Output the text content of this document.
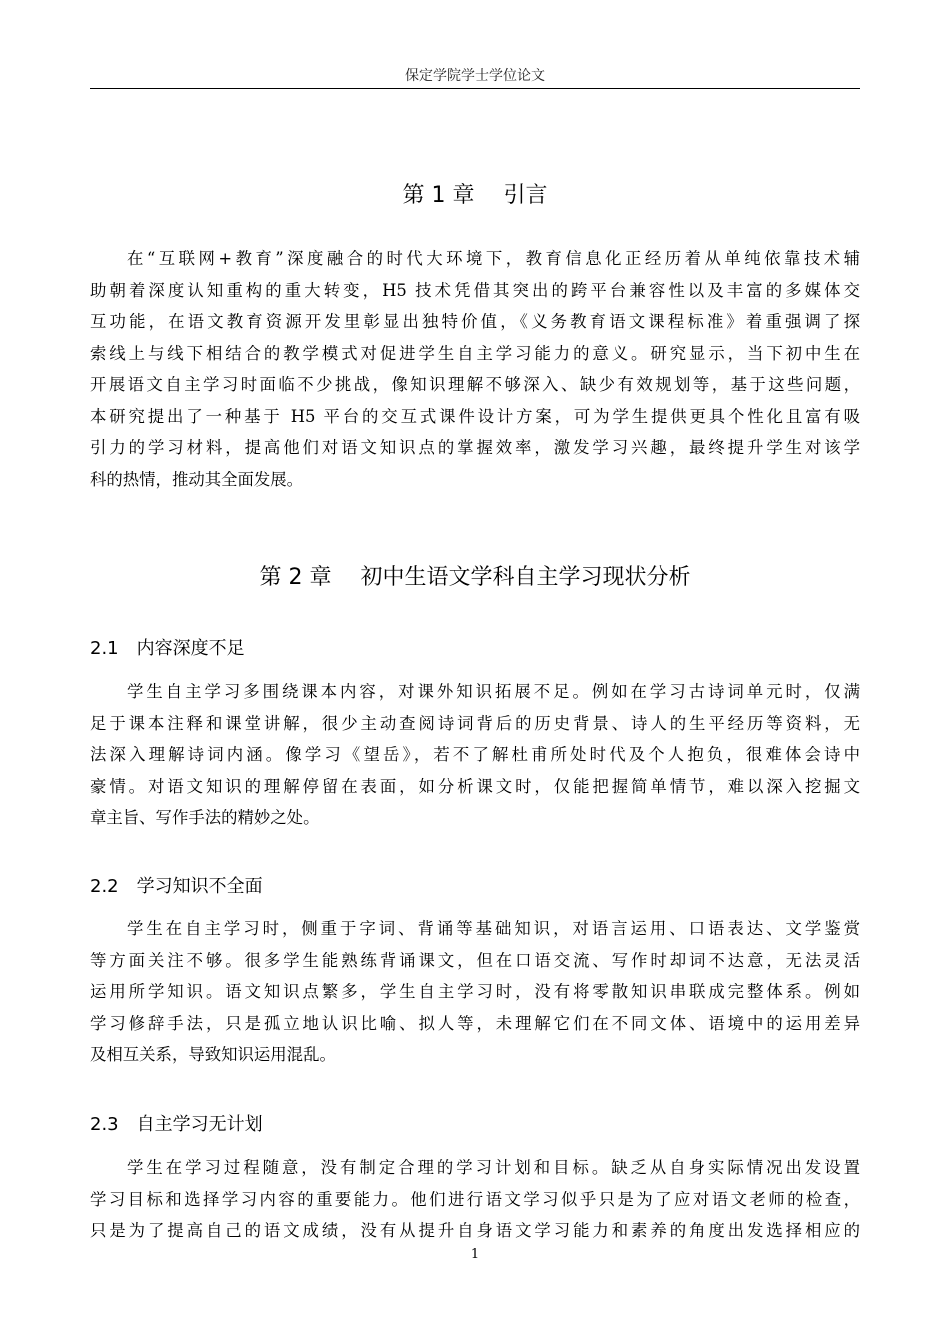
保定学院学士学位论文
第 1 章　 引言
在“互联网+教育”深度融合的时代大环境下，教育信息化正经历着从单纯依靠技术辅
助朝着深度认知重构的重大转变，H5 技术凭借其突出的跨平台兼容性以及丰富的多媒体交
互功能，在语文教育资源开发里彰显出独特价值，《义务教育语文课程标准》着重强调了探
索线上与线下相结合的教学模式对促进学生自主学习能力的意义。研究显示，当下初中生在
开展语文自主学习时面临不少挑战，像知识理解不够深入、缺少有效规划等，基于这些问题，
本研究提出了一种基于 H5 平台的交互式课件设计方案，可为学生提供更具个性化且富有吸
引力的学习材料，提高他们对语文知识点的掌握效率，激发学习兴趣，最终提升学生对该学
科的热情，推动其全面发展。
第 2 章　 初中生语文学科自主学习现状分析
2.1　内容深度不足
学生自主学习多围绕课本内容，对课外知识拓展不足。例如在学习古诗词单元时，仅满
足于课本注释和课堂讲解，很少主动查阅诗词背后的历史背景、诗人的生平经历等资料，无
法深入理解诗词内涵。像学习《望岳》，若不了解杜甫所处时代及个人抱负，很难体会诗中
豪情。对语文知识的理解停留在表面，如分析课文时，仅能把握简单情节，难以深入挖掘文
章主旨、写作手法的精妙之处。
2.2　学习知识不全面
学生在自主学习时，侧重于字词、背诵等基础知识，对语言运用、口语表达、文学鉴赏
等方面关注不够。很多学生能熟练背诵课文，但在口语交流、写作时却词不达意，无法灵活
运用所学知识。语文知识点繁多，学生自主学习时，没有将零散知识串联成完整体系。例如
学习修辞手法，只是孤立地认识比喻、拟人等，未理解它们在不同文体、语境中的运用差异
及相互关系，导致知识运用混乱。
2.3　自主学习无计划
学生在学习过程随意，没有制定合理的学习计划和目标。缺乏从自身实际情况出发设置
学习目标和选择学习内容的重要能力。他们进行语文学习似乎只是为了应对语文老师的检查，
只是为了提高自己的语文成绩，没有从提升自身语文学习能力和素养的角度出发选择相应的
1
